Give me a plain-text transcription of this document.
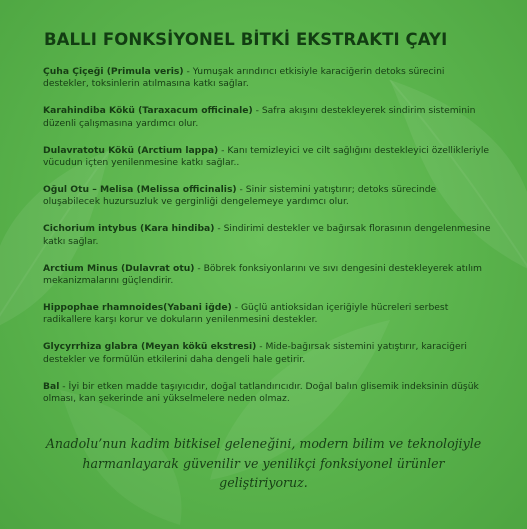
BALLI FONKSİYONEL BİTKİ EKSTRAKTI ÇAYI

Çuha Çiçeği (Primula veris) - Yumuşak arındırıcı etkisiyle karaciğerin detoks sürecini destekler, toksinlerin atılmasına katkı sağlar.

Karahindiba Kökü (Taraxacum officinale) - Safra akışını destekleyerek sindirim sisteminin düzenli çalışmasına yardımcı olur.

Dulavratotu Kökü (Arctium lappa) - Kanı temizleyici ve cilt sağlığını destekleyici özellikleriyle vücudun içten yenilenmesine katkı sağlar..

Oğul Otu – Melisa (Melissa officinalis) - Sinir sistemini yatıştırır; detoks sürecinde oluşabilecek huzursuzluk ve gerginliği dengelemeye yardımcı olur.

Cichorium intybus (Kara hindiba) - Sindirimi destekler ve bağırsak florasının dengelenmesine katkı sağlar.

Arctium Minus (Dulavrat otu) - Böbrek fonksiyonlarını ve sıvı dengesini destekleyerek atılım mekanizmalarını güçlendirir.

Hippophae rhamnoides(Yabani iğde) - Güçlü antioksidan içeriğiyle hücreleri serbest radikallere karşı korur ve dokuların yenilenmesini destekler.

Glycyrrhiza glabra (Meyan kökü ekstresi) - Mide-bağırsak sistemini yatıştırır, karaciğeri destekler ve formülün etkilerini daha dengeli hale getirir.

Bal - İyi bir etken madde taşıyıcıdır, doğal tatlandırıcıdır. Doğal balın glisemik indeksinin düşük olması, kan şekerinde ani yükselmelere neden olmaz.

Anadolu’nun kadim bitkisel geleneğini, modern bilim ve teknolojiyle harmanlayarak güvenilir ve yenilikçi fonksiyonel ürünler geliştiriyoruz.
